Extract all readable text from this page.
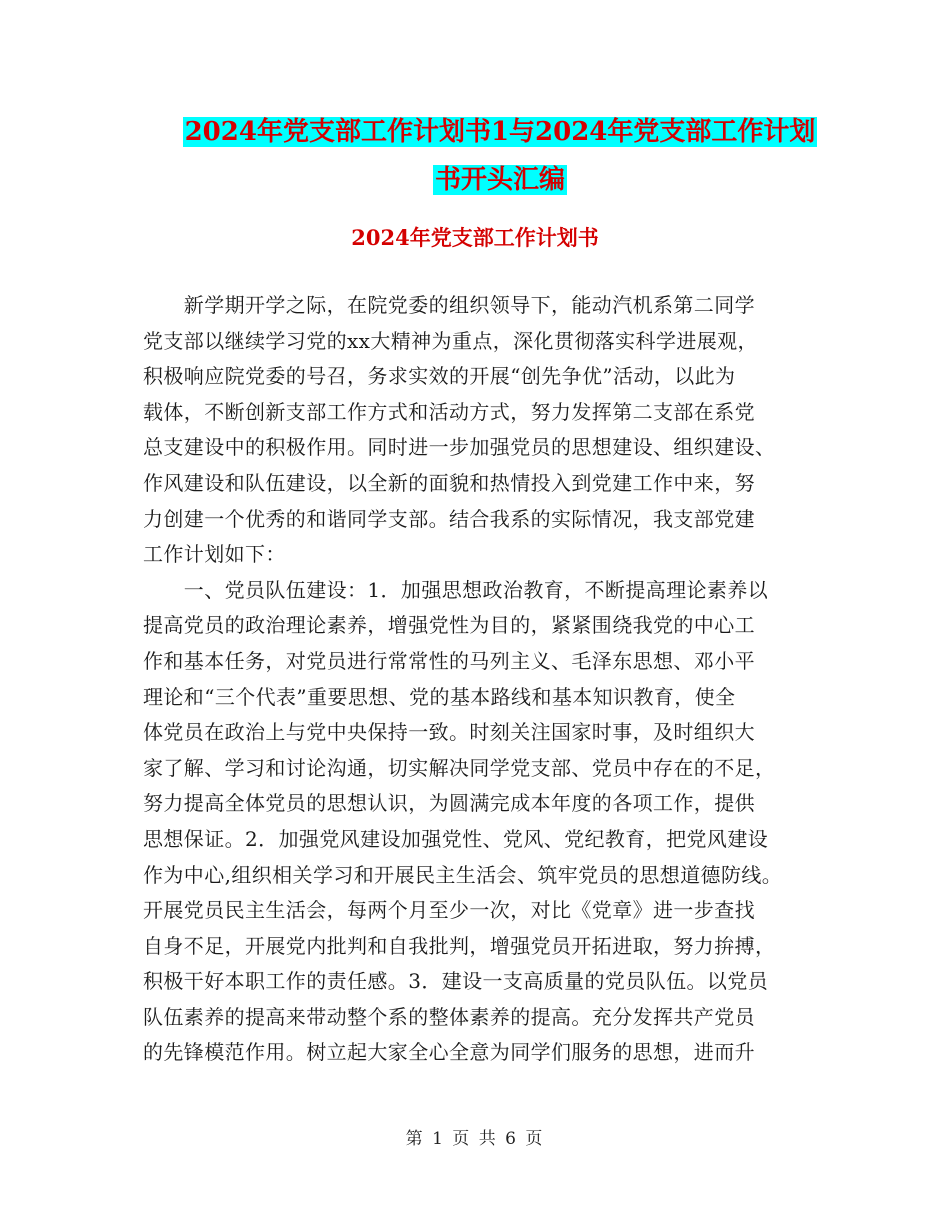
2024年党支部工作计划书1与2024年党支部工作计划
书开头汇编
2024年党支部工作计划书
　　新学期开学之际，在院党委的组织领导下，能动汽机系第二同学
党支部以继续学习党的xx大精神为重点，深化贯彻落实科学进展观，
积极响应院党委的号召，务求实效的开展“创先争优”活动，以此为
载体，不断创新支部工作方式和活动方式，努力发挥第二支部在系党
总支建设中的积极作用。同时进一步加强党员的思想建设、组织建设、
作风建设和队伍建设，以全新的面貌和热情投入到党建工作中来，努
力创建一个优秀的和谐同学支部。结合我系的实际情况，我支部党建
工作计划如下：
　　一、党员队伍建设：1．加强思想政治教育，不断提高理论素养以
提高党员的政治理论素养，增强党性为目的，紧紧围绕我党的中心工
作和基本任务，对党员进行常常性的马列主义、毛泽东思想、邓小平
理论和“三个代表”重要思想、党的基本路线和基本知识教育，使全
体党员在政治上与党中央保持一致。时刻关注国家时事，及时组织大
家了解、学习和讨论沟通，切实解决同学党支部、党员中存在的不足，
努力提高全体党员的思想认识，为圆满完成本年度的各项工作，提供
思想保证。2．加强党风建设加强党性、党风、党纪教育，把党风建设
作为中心,组织相关学习和开展民主生活会、筑牢党员的思想道德防线。
开展党员民主生活会，每两个月至少一次，对比《党章》进一步查找
自身不足，开展党内批判和自我批判，增强党员开拓进取，努力拚搏，
积极干好本职工作的责任感。3．建设一支高质量的党员队伍。以党员
队伍素养的提高来带动整个系的整体素养的提高。充分发挥共产党员
的先锋模范作用。树立起大家全心全意为同学们服务的思想，进而升
第 1 页 共 6 页
